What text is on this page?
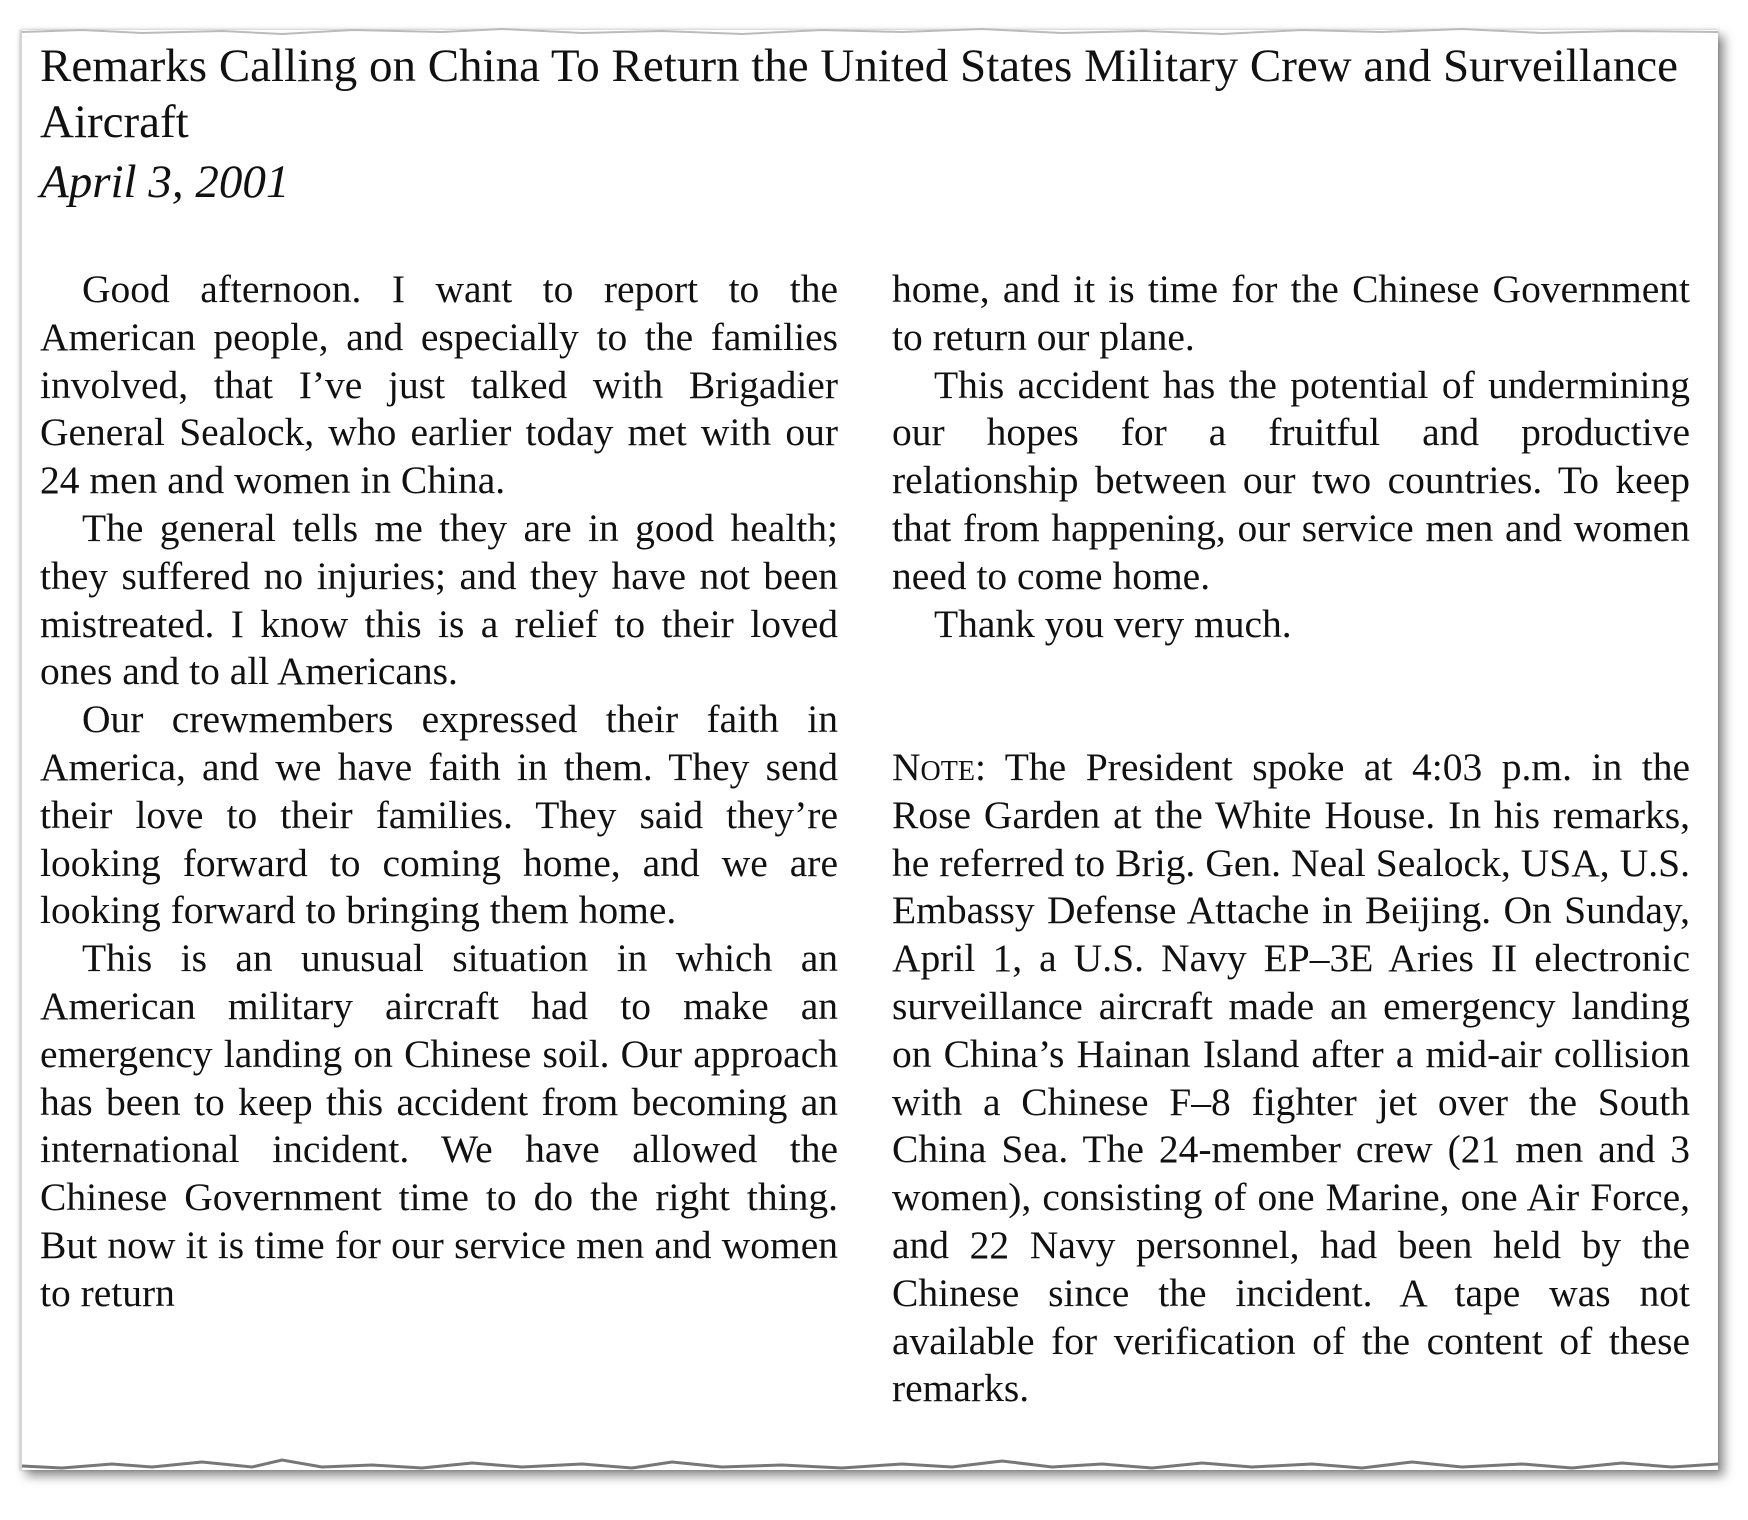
Remarks Calling on China To Return the United States Military Crew and Surveillance Aircraft
April 3, 2001

Good afternoon. I want to report to the American people, and especially to the families involved, that I’ve just talked with Brigadier General Sealock, who earlier today met with our 24 men and women in China.

The general tells me they are in good health; they suffered no injuries; and they have not been mistreated. I know this is a relief to their loved ones and to all Americans.

Our crewmembers expressed their faith in America, and we have faith in them. They send their love to their families. They said they’re looking forward to coming home, and we are looking forward to bringing them home.

This is an unusual situation in which an American military aircraft had to make an emergency landing on Chinese soil. Our approach has been to keep this accident from becoming an international incident. We have allowed the Chinese Government time to do the right thing. But now it is time for our service men and women to return

home, and it is time for the Chinese Government to return our plane.

This accident has the potential of undermining our hopes for a fruitful and productive relationship between our two countries. To keep that from happening, our service men and women need to come home.

Thank you very much.

Note: The President spoke at 4:03 p.m. in the Rose Garden at the White House. In his remarks, he referred to Brig. Gen. Neal Sealock, USA, U.S. Embassy Defense Attache in Beijing. On Sunday, April 1, a U.S. Navy EP–3E Aries II electronic surveillance aircraft made an emergency landing on China’s Hainan Island after a mid-air collision with a Chinese F–8 fighter jet over the South China Sea. The 24-member crew (21 men and 3 women), consisting of one Marine, one Air Force, and 22 Navy personnel, had been held by the Chinese since the incident. A tape was not available for verification of the content of these remarks.
